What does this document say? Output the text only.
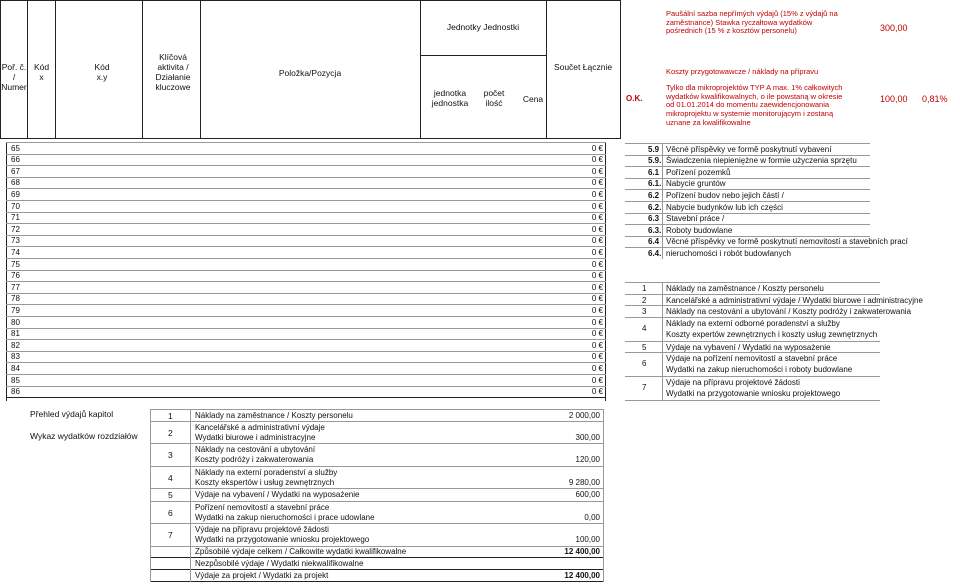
Poř. č. /
Numer
Kód
x
Kód
x.y
Klíčová aktivita / Działanie kluczowe
Položka/Pozycja
Jednotky Jednostki
jednotka jednostka
počet ilość	Cena
Součet Łącznie
O.K.
Paušální sazba nepřímých výdajů (15% z výdajů na zaměstnance) Stawka ryczałtowa wydatków pośrednich (15 % z kosztów personelu)	300,00
Koszty przygotowawcze / náklady na přípravu
Tylko dla mikroprojektów TYP A max. 1% całkowitych wydatków kwalifikowalnych, o ile powstaną w okresie od 01.01.2014 do momentu zaewidencjonowania mikroprojektu w systemie monitorującym i zostaną uznane za kwalifikowalne
100,00 0,81%
65	0 €
66	0 €
67	0 €
68	0 €
69	0 €
70	0 €
71	0 €
72	0 €
73	0 €
74	0 €
75	0 €
76	0 €
77	0 €
78	0 €
79	0 €
80	0 €
81	0 €
82	0 €
83	0 €
84	0 €
85	0 €
86	0 €
5.9 Věcné příspěvky ve formě poskytnutí vybavení
5.9. Świadczenia niepieniężne w formie użyczenia sprzętu
6.1 Pořízení pozemků
6.1. Nabycie gruntów
6.2 Pořízení budov nebo jejich částí /
6.2. Nabycie budynków lub ich części
6.3 Stavební práce /
6.3. Roboty budowlane
6.4 Věcné příspěvky ve formě poskytnutí nemovitostí a stavebních prací
6.4. nieruchomości i robót budowlanych
1 Náklady na zaměstnance / Koszty personelu
2 Kancelářské a administrativní výdaje / Wydatki biurowe i administracyjne
3 Náklady na cestování a ubytování / Koszty podróży i zakwaterowania
4
Náklady na externí odborné poradenství a služby
Koszty expertów zewnętrznych i koszty usług zewnętrznych
5 Výdaje na vybavení / Wydatki na wyposażenie
6
Výdaje na pořízení nemovitostí a stavební práce
Wydatki na zakup nieruchomości i roboty budowlane
7
Výdaje na přípravu projektové žádosti
Wydatki na przygotowanie wniosku projektowego
Přehled výdajů kapitol
Wykaz wydatków rozdziałów
1	Náklady na zaměstnance / Koszty personelu	2 000,00
2
Kancelářské a administrativní výdaje
Wydatki biurowe i administracyjne	300,00
3
Náklady na cestování a ubytování
Koszty podróży i zakwaterowania	120,00
4
Náklady na externí poradenství a služby
Koszty ekspertów i usług zewnętrznych	9 280,00
5	Výdaje na vybavení / Wydatki na wyposażenie	600,00
6
Pořízení nemovitostí a stavební práce
Wydatki na zakup nieruchomości i prace udowlane	0,00
7
Výdaje na přípravu projektové žádosti
Wydatki na przygotowanie wniosku projektowego	100,00
Způsobilé výdaje celkem / Całkowite wydatki kwalifikowalne	12 400,00
Nezpůsobilé výdaje / Wydatki niekwalifikowalne
Výdaje za projekt / Wydatki za projekt	12 400,00
